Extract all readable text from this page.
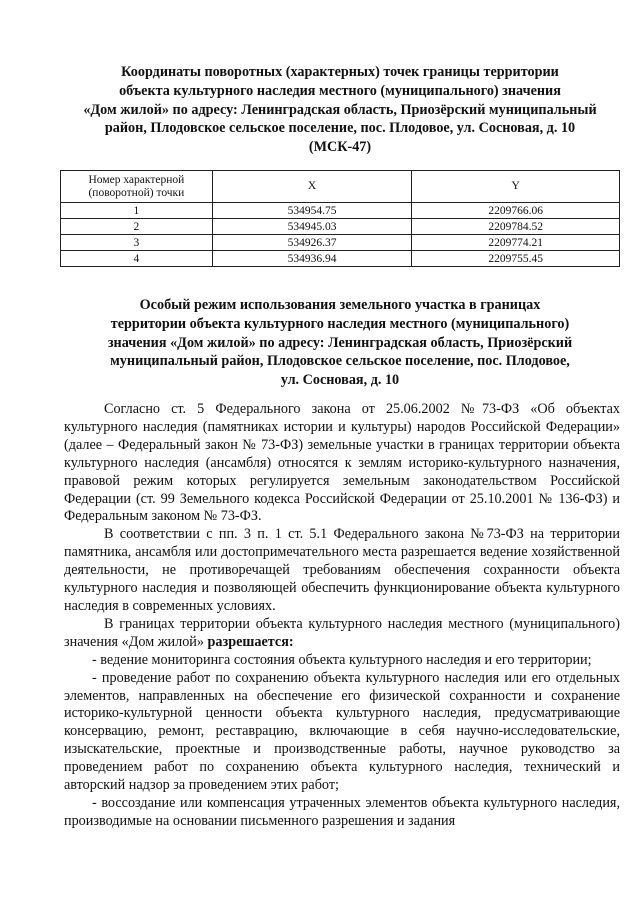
Координаты поворотных (характерных) точек границы территории
объекта культурного наследия местного (муниципального) значения
«Дом жилой» по адресу: Ленинградская область, Приозёрский муниципальный
район, Плодовское сельское поселение, пос. Плодовое, ул. Сосновая, д. 10
(МСК-47)
Номер характерной (поворотной) точки	X	Y
1	534954.75	2209766.06
2	534945.03	2209784.52
3	534926.37	2209774.21
4	534936.94	2209755.45
Особый режим использования земельного участка в границах
территории объекта культурного наследия местного (муниципального)
значения «Дом жилой» по адресу: Ленинградская область, Приозёрский
муниципальный район, Плодовское сельское поселение, пос. Плодовое,
ул. Сосновая, д. 10

Согласно ст. 5 Федерального закона от 25.06.2002 №73-ФЗ «Об объектах культурного наследия (памятниках истории и культуры) народов Российской Федерации» (далее – Федеральный закон № 73-ФЗ) земельные участки в границах территории объекта культурного наследия (ансамбля) относятся к землям историко-культурного назначения, правовой режим которых регулируется земельным законодательством Российской Федерации (ст. 99 Земельного кодекса Российской Федерации от 25.10.2001 № 136-ФЗ) и Федеральным законом № 73-ФЗ.

В соответствии с пп. 3 п. 1 ст. 5.1 Федерального закона №73-ФЗ на территории памятника, ансамбля или достопримечательного места разрешается ведение хозяйственной деятельности, не противоречащей требованиям обеспечения сохранности объекта культурного наследия и позволяющей обеспечить функционирование объекта культурного наследия в современных условиях.

В границах территории объекта культурного наследия местного (муниципального) значения «Дом жилой» разрешается:

- ведение мониторинга состояния объекта культурного наследия и его территории;

- проведение работ по сохранению объекта культурного наследия или его отдельных элементов, направленных на обеспечение его физической сохранности и сохранение историко-культурной ценности объекта культурного наследия, предусматривающие консервацию, ремонт, реставрацию, включающие в себя научно-исследовательские, изыскательские, проектные и производственные работы, научное руководство за проведением работ по сохранению объекта культурного наследия, технический и авторский надзор за проведением этих работ;

- воссоздание или компенсация утраченных элементов объекта культурного наследия, производимые на основании письменного разрешения и задания
